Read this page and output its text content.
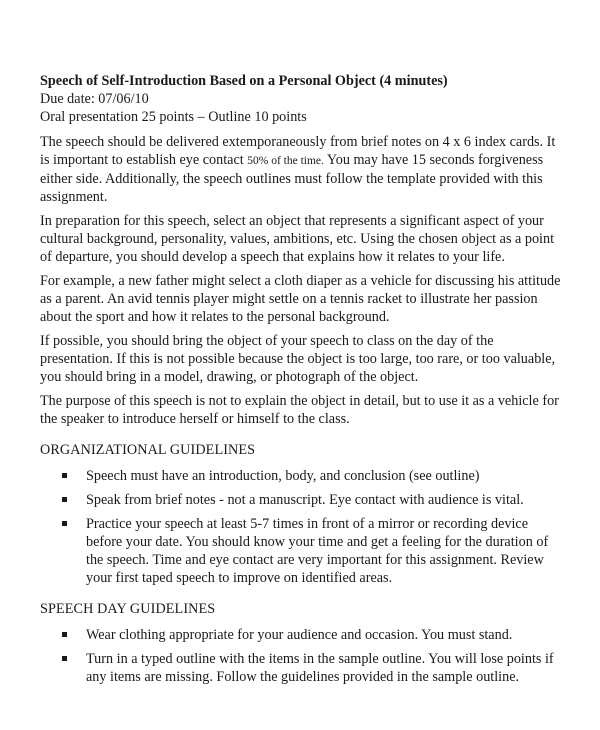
Speech of Self-Introduction Based on a Personal Object (4 minutes)

Due date: 07/06/10

Oral presentation 25 points – Outline 10 points

The speech should be delivered extemporaneously from brief notes on 4 x 6 index cards. It is important to establish eye contact 50% of the time. You may have 15 seconds forgiveness either side. Additionally, the speech outlines must follow the template provided with this assignment.

In preparation for this speech, select an object that represents a significant aspect of your cultural background, personality, values, ambitions, etc. Using the chosen object as a point of departure, you should develop a speech that explains how it relates to your life.

For example, a new father might select a cloth diaper as a vehicle for discussing his attitude as a parent. An avid tennis player might settle on a tennis racket to illustrate her passion about the sport and how it relates to the personal background.

If possible, you should bring the object of your speech to class on the day of the presentation. If this is not possible because the object is too large, too rare, or too valuable, you should bring in a model, drawing, or photograph of the object.

The purpose of this speech is not to explain the object in detail, but to use it as a vehicle for the speaker to introduce herself or himself to the class.

ORGANIZATIONAL GUIDELINES

Speech must have an introduction, body, and conclusion (see outline)
Speak from brief notes - not a manuscript. Eye contact with audience is vital.
Practice your speech at least 5-7 times in front of a mirror or recording device before your date. You should know your time and get a feeling for the duration of the speech. Time and eye contact are very important for this assignment. Review your first taped speech to improve on identified areas.

SPEECH DAY GUIDELINES

Wear clothing appropriate for your audience and occasion. You must stand.
Turn in a typed outline with the items in the sample outline. You will lose points if any items are missing. Follow the guidelines provided in the sample outline.
